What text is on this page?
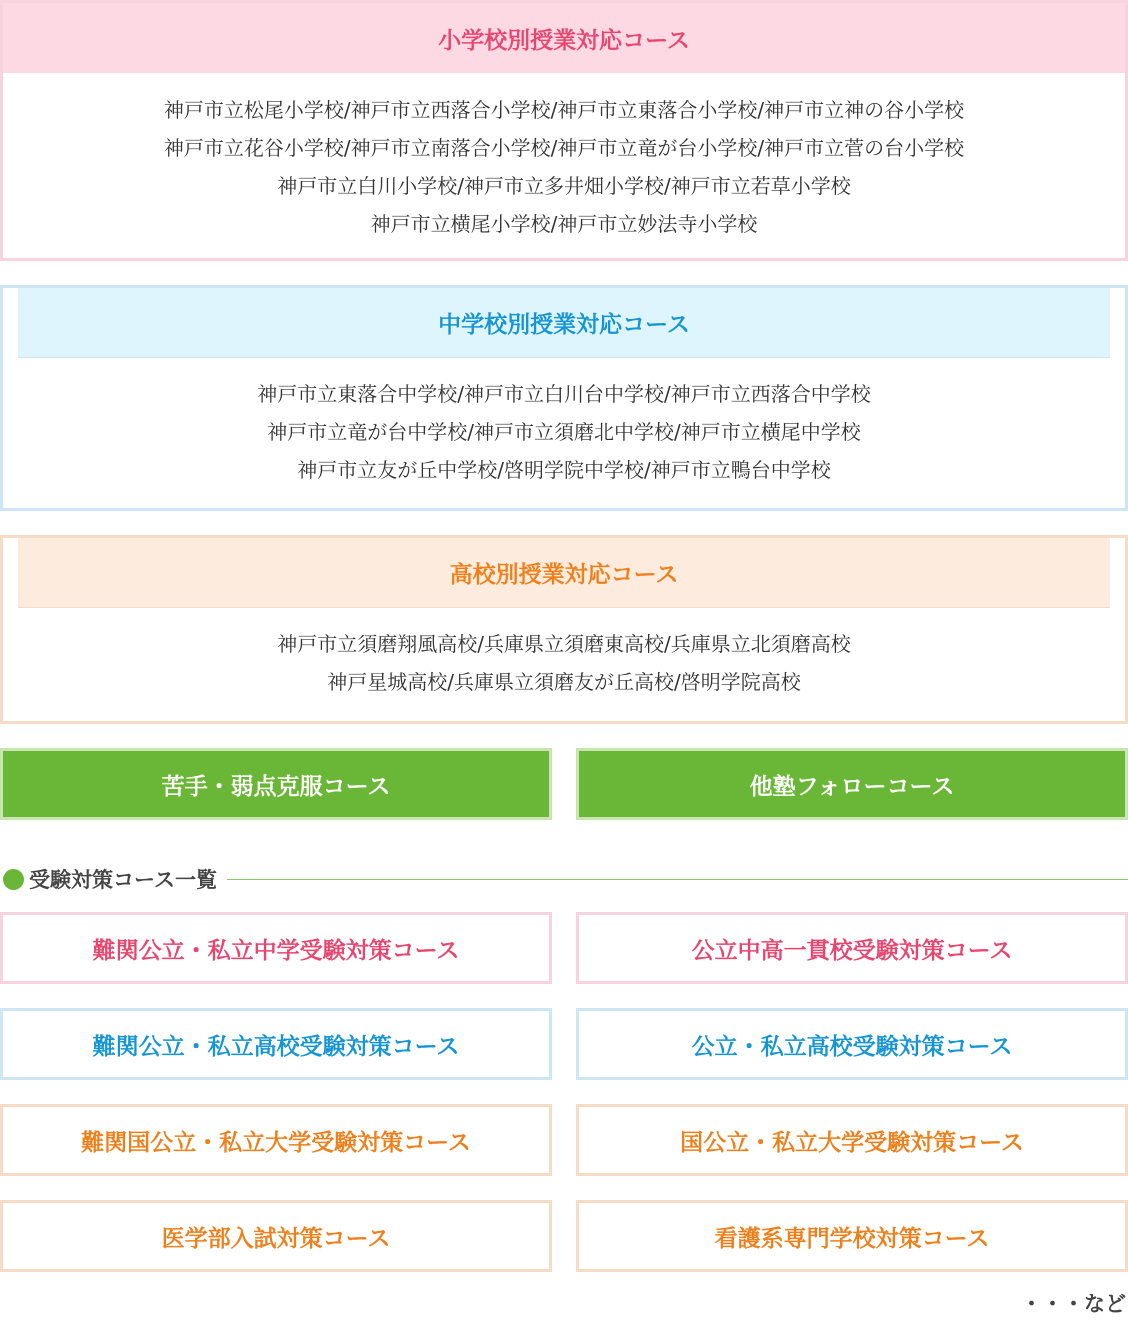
小学校別授業対応コース
神戸市立松尾小学校/神戸市立西落合小学校/神戸市立東落合小学校/神戸市立神の谷小学校
神戸市立花谷小学校/神戸市立南落合小学校/神戸市立竜が台小学校/神戸市立菅の台小学校
神戸市立白川小学校/神戸市立多井畑小学校/神戸市立若草小学校
神戸市立横尾小学校/神戸市立妙法寺小学校
中学校別授業対応コース
神戸市立東落合中学校/神戸市立白川台中学校/神戸市立西落合中学校
神戸市立竜が台中学校/神戸市立須磨北中学校/神戸市立横尾中学校
神戸市立友が丘中学校/啓明学院中学校/神戸市立鴨台中学校
高校別授業対応コース
神戸市立須磨翔風高校/兵庫県立須磨東高校/兵庫県立北須磨高校
神戸星城高校/兵庫県立須磨友が丘高校/啓明学院高校
苦手・弱点克服コース	他塾フォローコース
受験対策コース一覧
難関公立・私立中学受験対策コース	公立中高一貫校受験対策コース
難関公立・私立高校受験対策コース	公立・私立高校受験対策コース
難関国公立・私立大学受験対策コース	国公立・私立大学受験対策コース
医学部入試対策コース	看護系専門学校対策コース
・・・など
